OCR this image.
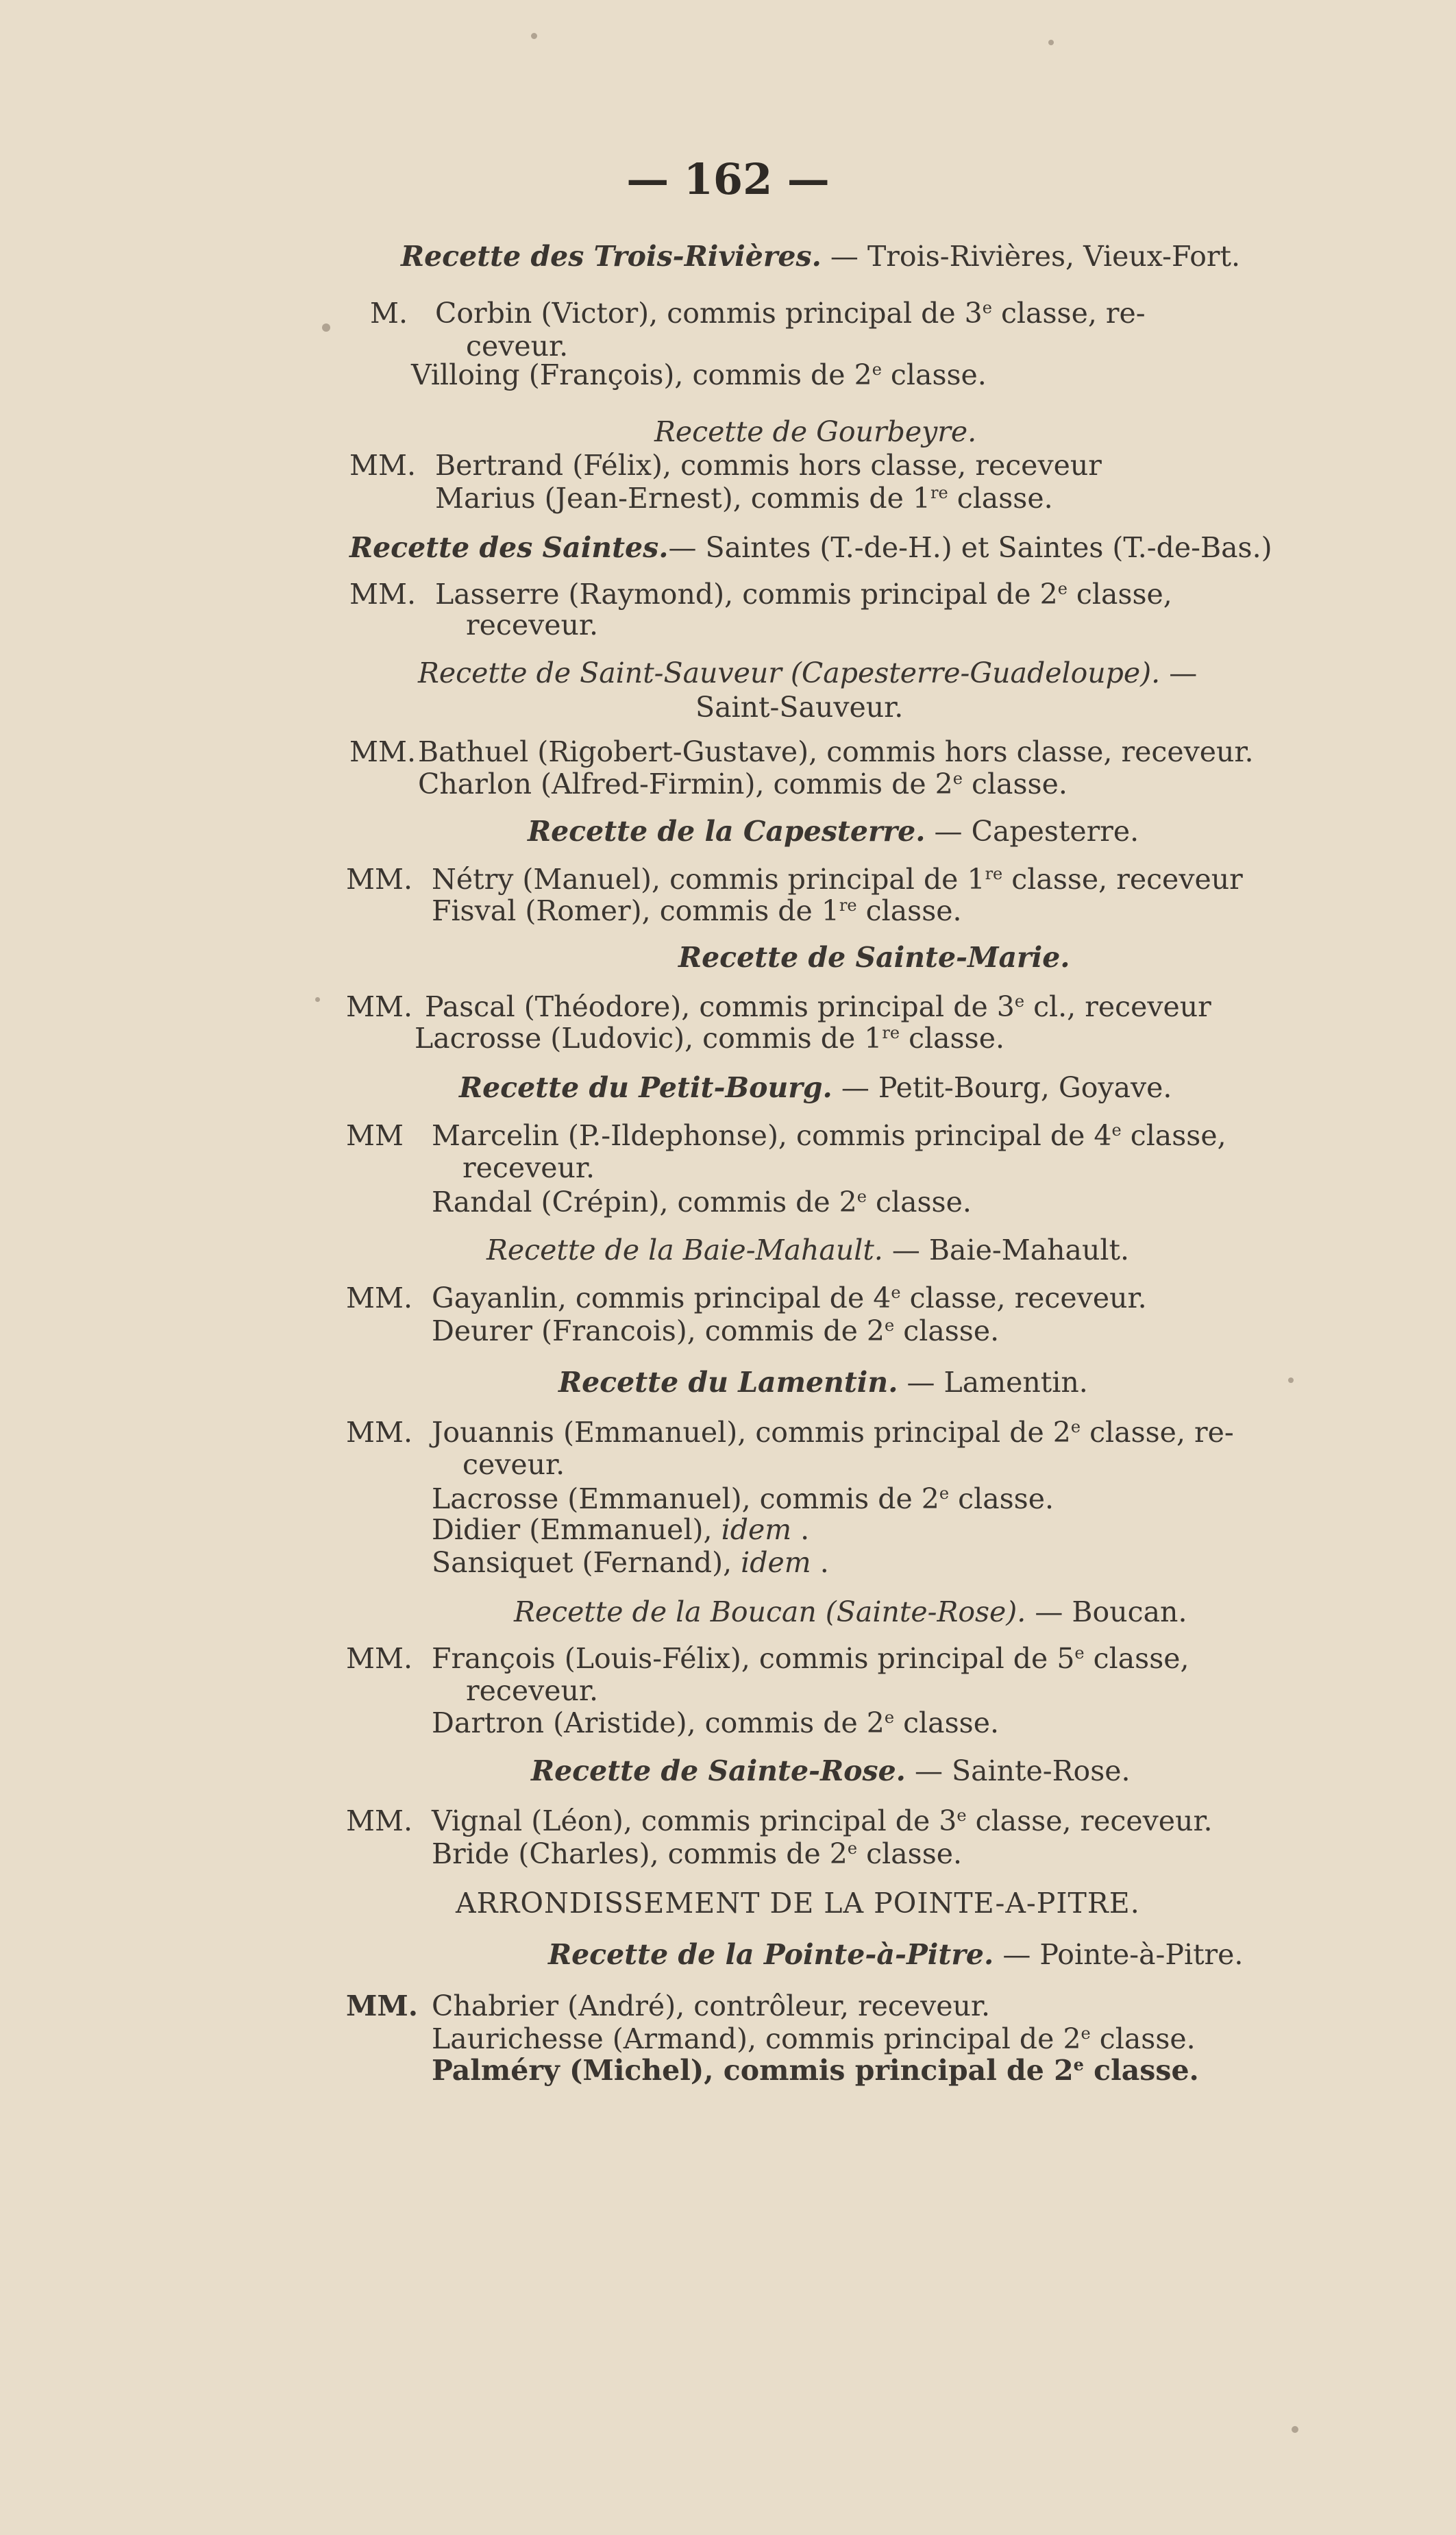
— 162 —
Recette des Trois-Rivières. — Trois-Rivières, Vieux-Fort.
M. Corbin (Victor), commis principal de 3e classe, re-
ceveur.
Villoing (François), commis de 2e classe.
Recette de Gourbeyre.
MM. Bertrand (Félix), commis hors classe, receveur
Marius (Jean-Ernest), commis de 1re classe.
Recette des Saintes.— Saintes (T.-de-H.) et Saintes (T.-de-Bas.)
MM. Lasserre (Raymond), commis principal de 2e classe,
receveur.
Recette de Saint-Sauveur (Capesterre-Guadeloupe). —
Saint-Sauveur.
MM. Bathuel (Rigobert-Gustave), commis hors classe, receveur.
Charlon (Alfred-Firmin), commis de 2e classe.
Recette de la Capesterre. — Capesterre.
MM. Nétry (Manuel), commis principal de 1re classe, receveur
Fisval (Romer), commis de 1re classe.
Recette de Sainte-Marie.
MM. Pascal (Théodore), commis principal de 3e cl., receveur
Lacrosse (Ludovic), commis de 1re classe.
Recette du Petit-Bourg. — Petit-Bourg, Goyave.
MM Marcelin (P.-Ildephonse), commis principal de 4e classe,
receveur.
Randal (Crépin), commis de 2e classe.
Recette de la Baie-Mahault. — Baie-Mahault.
MM. Gayanlin, commis principal de 4e classe, receveur.
Deurer (Francois), commis de 2e classe.
Recette du Lamentin. — Lamentin.
MM. Jouannis (Emmanuel), commis principal de 2e classe, re-
ceveur.
Lacrosse (Emmanuel), commis de 2e classe.
Didier (Emmanuel), idem .
Sansiquet (Fernand), idem .
Recette de la Boucan (Sainte-Rose). — Boucan.
MM. François (Louis-Félix), commis principal de 5e classe,
receveur.
Dartron (Aristide), commis de 2e classe.
Recette de Sainte-Rose. — Sainte-Rose.
MM. Vignal (Léon), commis principal de 3e classe, receveur.
Bride (Charles), commis de 2e classe.
ARRONDISSEMENT DE LA POINTE-A-PITRE.
Recette de la Pointe-à-Pitre. — Pointe-à-Pitre.
MM. Chabrier (André), contrôleur, receveur.
Laurichesse (Armand), commis principal de 2e classe.
Palméry (Michel), commis principal de 2e classe.
